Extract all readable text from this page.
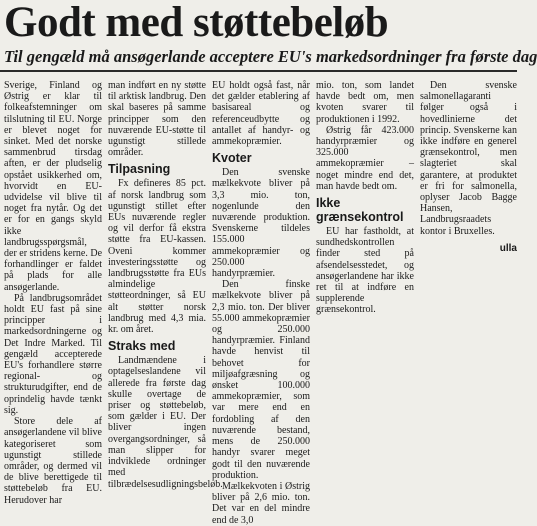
Godt med støttebeløb
Til gengæld må ansøgerlande acceptere EU's markedsordninger fra første dag

Sverige, Finland og Østrig er klar til folkeafstemninger om tilslutning til EU. Norge er blevet noget for sinket. Med det norske sammenbrud tirsdag aften, er der pludselig opstået usikkerhed om, hvorvidt en EU-udvidelse vil blive til noget fra nytår. Og det er for en gangs skyld ikke landbrugsspørgsmål, der er stridens kerne. De forhandlinger er faldet på plads for alle ansøgerlande.

På landbrugsområdet holdt EU fast på sine principper i markedsordningerne og Det Indre Marked. Til gengæld accepterede EU's forhandlere større regional- og strukturudgifter, end de oprindelig havde tænkt sig.

Store dele af ansøgerlandene vil blive kategoriseret som ugunstigt stillede områder, og dermed vil de blive berettigede til støttebeløb fra EU. Herudover har

man indført en ny støtte til arktisk landbrug. Den skal baseres på samme principper som den nuværende EU-støtte til ugunstigt stillede områder.

Tilpasning

Fx defineres 85 pct. af norsk landbrug som ugunstigt stillet efter EUs nuværende regler og vil derfor få ekstra støtte fra EU-kassen. Oveni kommer investeringsstøtte og landbrugsstøtte fra EUs almindelige støtteordninger, så EU alt støtter norsk landbrug med 4,3 mia. kr. om året.

Straks med

Landmændene i optagelseslandene vil allerede fra første dag skulle overtage de priser og støttebeløb, som gælder i EU. Der bliver ingen overgangsordninger, så man slipper for indviklede ordninger med tilbrædelsesudligningsbeløb.

EU holdt også fast, når det gælder etablering af basisareal og referenceudbytte og antallet af handyr- og ammekopræmier.

Kvoter

Den svenske mælkekvote bliver på 3,3 mio. ton, nogenlunde den nuværende produktion. Svenskerne tildeles 155.000 ammekopræmier og 250.000 handyrpræmier.

Den finske mælkekvote bliver på 2,3 mio. ton. Der bliver 55.000 ammekopræmier og 250.000 handyrpræmier. Finland havde henvist til behovet for miljøafgræsning og ønsket 100.000 ammekopræmier, som var mere end en fordobling af den nuværende bestand, mens de 250.000 handyr svarer meget godt til den nuværende produktion.

Mælkekvoten i Østrig bliver på 2,6 mio. ton. Det var en del mindre end de 3,0

mio. ton, som landet havde bedt om, men kvoten svarer til produktionen i 1992.

Østrig får 423.000 handyrpræmier og 325.000 ammekopræmier – noget mindre end det, man havde bedt om.

Ikke grænsekontrol

EU har fastholdt, at sundhedskontrollen finder sted på afsendelsesstedet, og ansøgerlandene har ikke ret til at indføre en supplerende grænsekontrol.

Den svenske salmonellagaranti følger også i hovedlinierne det princip. Svenskerne kan ikke indføre en generel grænsekontrol, men slagteriet skal garantere, at produktet er fri for salmonella, oplyser Jacob Bagge Hansen, Landbrugsraadets kontor i Bruxelles.

ulla
